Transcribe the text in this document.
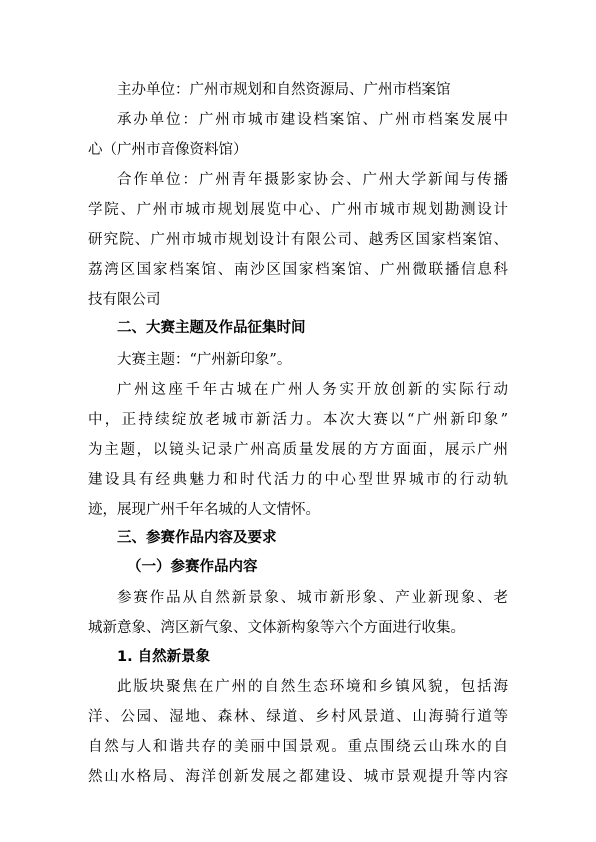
主办单位：广州市规划和自然资源局、广州市档案馆
承办单位：广州市城市建设档案馆、广州市档案发展中
心（广州市音像资料馆）
合作单位：广州青年摄影家协会、广州大学新闻与传播
学院、广州市城市规划展览中心、广州市城市规划勘测设计
研究院、广州市城市规划设计有限公司、越秀区国家档案馆、
荔湾区国家档案馆、南沙区国家档案馆、广州微联播信息科
技有限公司
二、大赛主题及作品征集时间
大赛主题：“广州新印象”。
广州这座千年古城在广州人务实开放创新的实际行动
中，正持续绽放老城市新活力。本次大赛以“广州新印象”
为主题，以镜头记录广州高质量发展的方方面面，展示广州
建设具有经典魅力和时代活力的中心型世界城市的行动轨
迹，展现广州千年名城的人文情怀。
三、参赛作品内容及要求
（一）参赛作品内容
参赛作品从自然新景象、城市新形象、产业新现象、老
城新意象、湾区新气象、文体新构象等六个方面进行收集。
1. 自然新景象
此版块聚焦在广州的自然生态环境和乡镇风貌，包括海
洋、公园、湿地、森林、绿道、乡村风景道、山海骑行道等
自然与人和谐共存的美丽中国景观。重点围绕云山珠水的自
然山水格局、海洋创新发展之都建设、城市景观提升等内容
